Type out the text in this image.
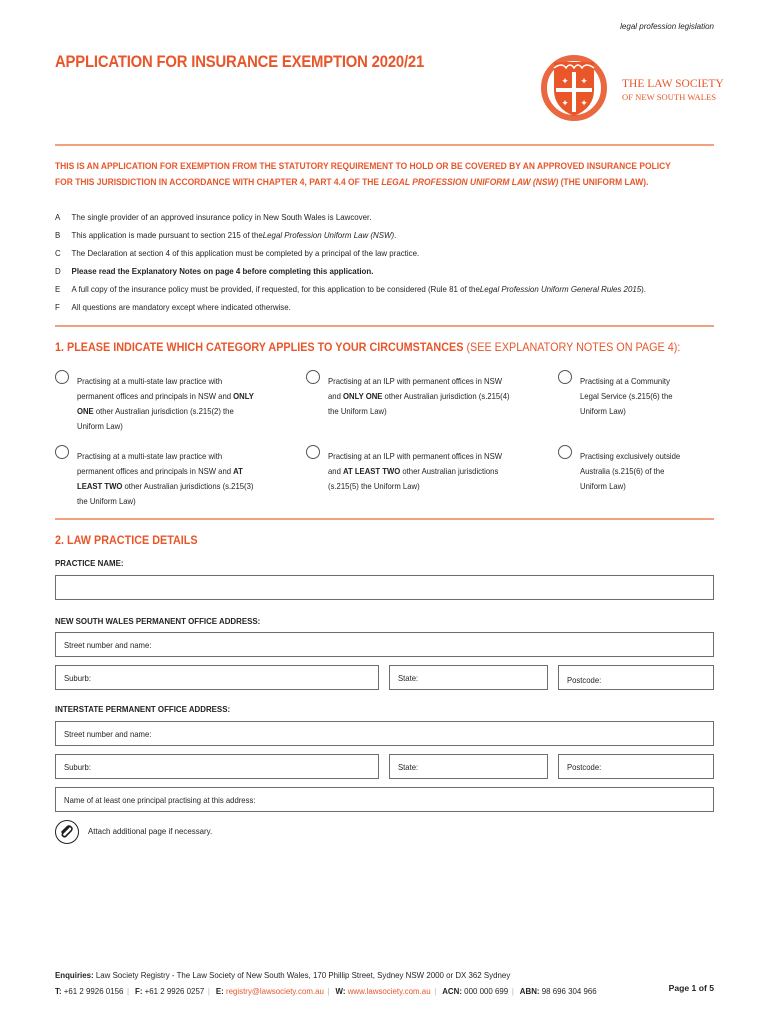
legal profession legislation
APPLICATION FOR INSURANCE EXEMPTION 2020/21
✦ ✦
✦ ✦
THE LAW SOCIETY
OF NEW SOUTH WALES
THIS IS AN APPLICATION FOR EXEMPTION FROM THE STATUTORY REQUIREMENT TO HOLD OR BE COVERED BY AN APPROVED INSURANCE POLICY FOR THIS JURISDICTION IN ACCORDANCE WITH CHAPTER 4, PART 4.4 OF THE LEGAL PROFESSION UNIFORM LAW (NSW) (THE UNIFORM LAW).
A	The single provider of an approved insurance policy in New South Wales is Lawcover.
B	This application is made pursuant to section 215 of the Legal Profession Uniform Law (NSW) .
C	The Declaration at section 4 of this application must be completed by a principal of the law practice.
D	Please read the Explanatory Notes on page 4 before completing this application.
E	A full copy of the insurance policy must be provided, if requested, for this application to be considered (Rule 81 of the Legal Profession Uniform General Rules 2015 ).
F	All questions are mandatory except where indicated otherwise.
1. PLEASE INDICATE WHICH CATEGORY APPLIES TO YOUR CIRCUMSTANCES (SEE EXPLANATORY NOTES ON PAGE 4):
Practising at a multi-state law practice with permanent offices and principals in NSW and ONLY ONE other Australian jurisdiction (s.215(2) the Uniform Law)
Practising at an ILP with permanent offices in NSW and ONLY ONE other Australian jurisdiction (s.215(4) the Uniform Law)
Practising at a Community Legal Service (s.215(6) the Uniform Law)
Practising at a multi-state law practice with permanent offices and principals in NSW and AT LEAST TWO other Australian jurisdictions (s.215(3) the Uniform Law)
Practising at an ILP with permanent offices in NSW and AT LEAST TWO other Australian jurisdictions (s.215(5) the Uniform Law)
Practising exclusively outside Australia (s.215(6) of the Uniform Law)
2. LAW PRACTICE DETAILS
PRACTICE NAME:
NEW SOUTH WALES PERMANENT OFFICE ADDRESS:
Street number and name:
Suburb:	State:	Postcode:
INTERSTATE PERMANENT OFFICE ADDRESS:
Street number and name:
Suburb:	State:	Postcode:
Name of at least one principal practising at this address:
Attach additional page if necessary.
Enquiries: Law Society Registry - The Law Society of New South Wales, 170 Phillip Street, Sydney NSW 2000 or DX 362 Sydney
T: +61 2 9926 0156 | F: +61 2 9926 0257 | E: registry@lawsociety.com.au | W: www.lawsociety.com.au | ACN: 000 000 699 | ABN: 98 696 304 966	Page 1 of 5
